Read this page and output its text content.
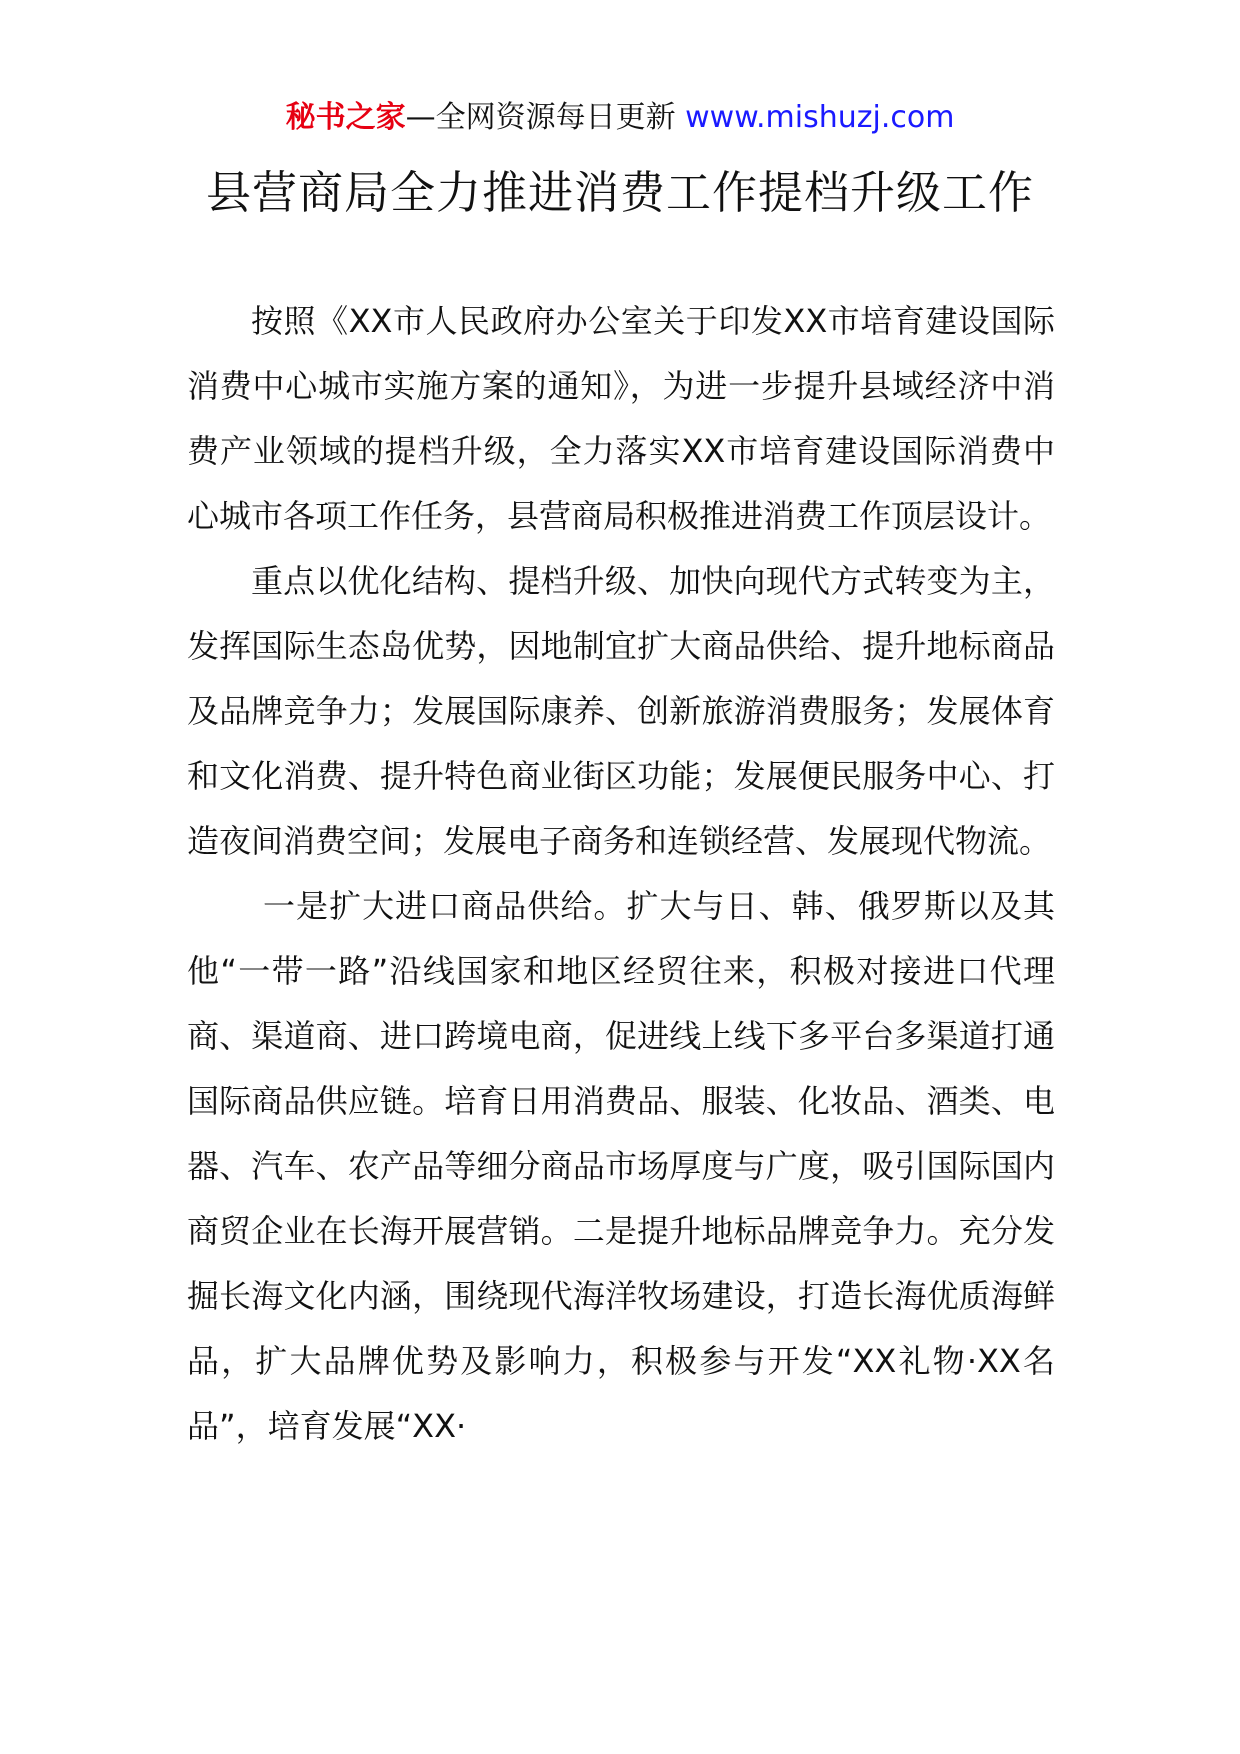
秘书之家—全网资源每日更新 www.mishuzj.com
县营商局全力推进消费工作提档升级工作

按照《XX市人民政府办公室关于印发XX市培育建设国际消费中心城市实施方案的通知》，为进一步提升县域经济中消费产业领域的提档升级，全力落实XX市培育建设国际消费中心城市各项工作任务，县营商局积极推进消费工作顶层设计。

重点以优化结构、提档升级、加快向现代方式转变为主，发挥国际生态岛优势，因地制宜扩大商品供给、提升地标商品及品牌竞争力；发展国际康养、创新旅游消费服务；发展体育和文化消费、提升特色商业街区功能；发展便民服务中心、打造夜间消费空间；发展电子商务和连锁经营、发展现代物流。

一是扩大进口商品供给。扩大与日、韩、俄罗斯以及其他“一带一路”沿线国家和地区经贸往来，积极对接进口代理商、渠道商、进口跨境电商，促进线上线下多平台多渠道打通国际商品供应链。培育日用消费品、服装、化妆品、酒类、电器、汽车、农产品等细分商品市场厚度与广度，吸引国际国内商贸企业在长海开展营销。二是提升地标品牌竞争力。充分发掘长海文化内涵，围绕现代海洋牧场建设，打造长海优质海鲜品，扩大品牌优势及影响力，积极参与开发“XX礼物·XX名品”，培育发展“XX·
